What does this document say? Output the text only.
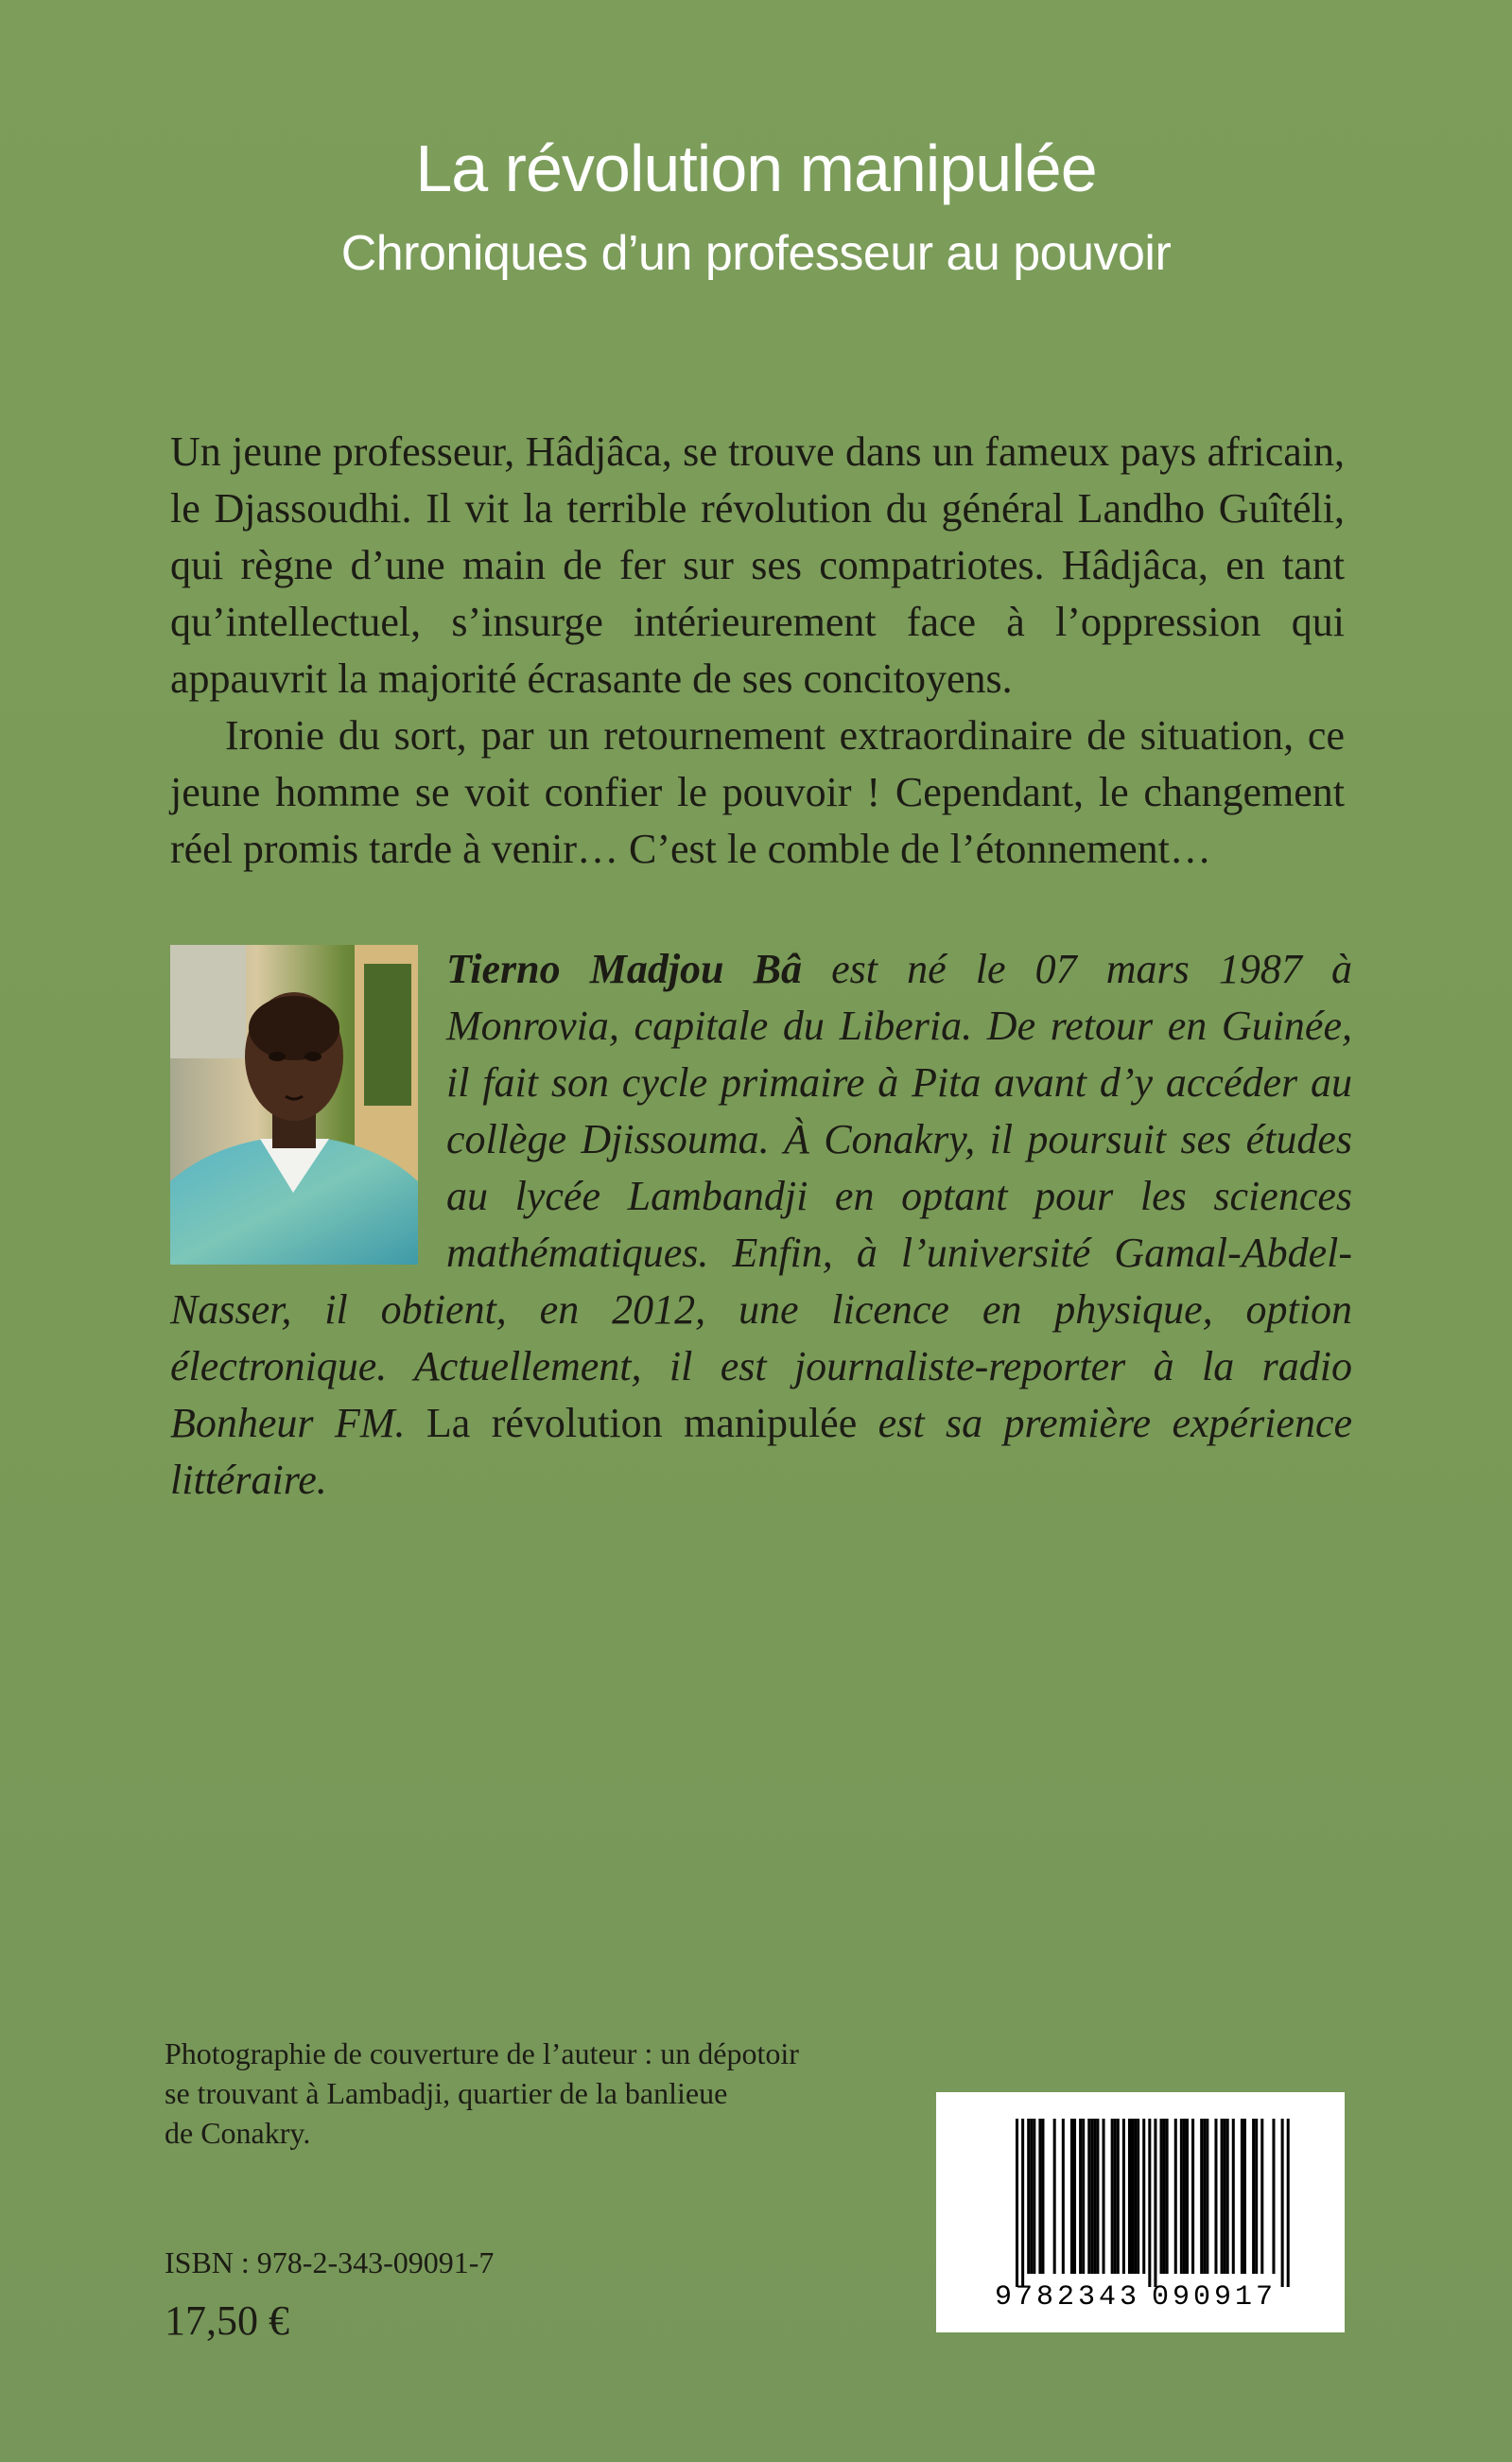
La révolution manipulée
Chroniques d’un professeur au pouvoir

Un jeune professeur, Hâdjâca, se trouve dans un fameux pays africain, le Djassoudhi. Il vit la terrible révolution du général Landho Guîtéli, qui règne d’une main de fer sur ses compatriotes. Hâdjâca, en tant qu’intellectuel, s’insurge intérieurement face à l’oppression qui appauvrit la majorité écrasante de ses concitoyens.

Ironie du sort, par un retournement extraordinaire de situation, ce jeune homme se voit confier le pouvoir ! Cependant, le changement réel promis tarde à venir… C’est le comble de l’étonnement…

Tierno Madjou Bâ est né le 07 mars 1987 à Monrovia, capitale du Liberia. De retour en Guinée, il fait son cycle primaire à Pita avant d’y accéder au collège Djissouma. À Conakry, il poursuit ses études au lycée Lambandji en optant pour les sciences mathématiques. Enfin, à l’université Gamal-Abdel-Nasser, il obtient, en 2012, une licence en physique, option électronique. Actuellement, il est journaliste-reporter à la radio Bonheur FM. La révolution manipulée est sa première expérience littéraire.
Photographie de couverture de l’auteur : un dépotoir
se trouvant à Lambadji, quartier de la banlieue
de Conakry.
ISBN : 978-2-343-09091-7
17,50 €	9 782343 090917
